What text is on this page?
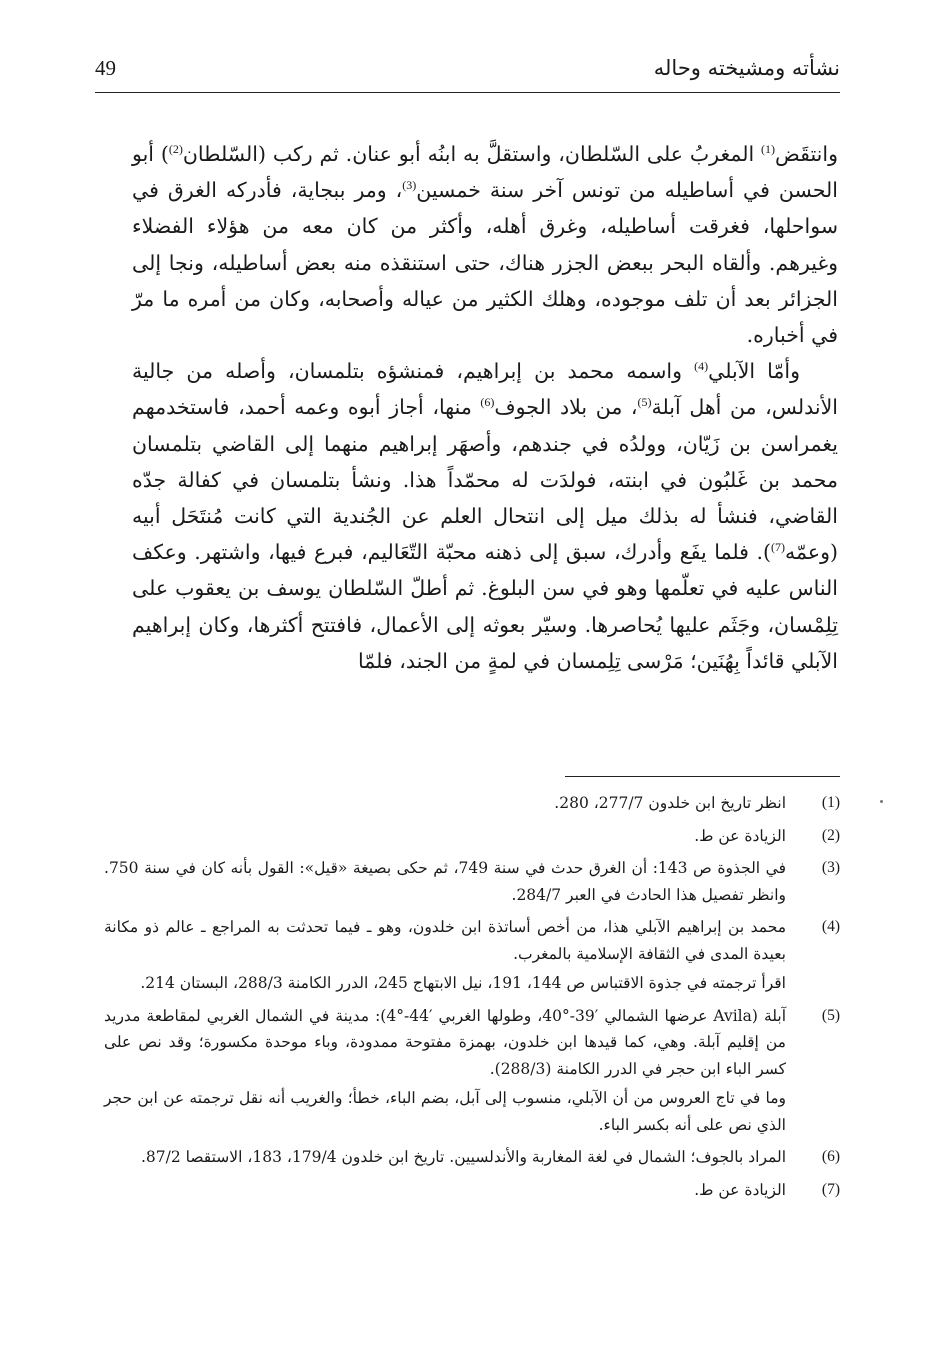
نشأته ومشيخته وحاله
49

وانتقَض$^{(1)}$ المغربُ على السّلطان، واستقلَّ به ابنُه أبو عنان. ثم ركب (السّلطان$^{(2)}$) أبو الحسن في أساطيله من تونس آخر سنة خمسين$^{(3)}$، ومر ببجاية، فأدركه الغرق في سواحلها، فغرقت أساطيله، وغرق أهله، وأكثر من كان معه من هؤلاء الفضلاء وغيرهم. وألقاه البحر ببعض الجزر هناك، حتى استنقذه منه بعض أساطيله، ونجا إلى الجزائر بعد أن تلف موجوده، وهلك الكثير من عياله وأصحابه، وكان من أمره ما مرّ في أخباره.

وأمّا الآبلي$^{(4)}$ واسمه محمد بن إبراهيم، فمنشؤه بتلمسان، وأصله من جالية الأندلس، من أهل آبلة$^{(5)}$، من بلاد الجوف$^{(6)}$ منها، أجاز أبوه وعمه أحمد، فاستخدمهم يغمراسن بن زَيّان، وولدُه في جندهم، وأصهَر إبراهيم منهما إلى القاضي بتلمسان محمد بن غَلبُون في ابنته، فولدَت له محمّداً هذا. ونشأ بتلمسان في كفالة جدّه القاضي، فنشأ له بذلك ميل إلى انتحال العلم عن الجُندية التي كانت مُنتَحَل أبيه (وعمّه$^{(7)}$). فلما يفَع وأدرك، سبق إلى ذهنه محبّة التّعَاليم، فبرع فيها، واشتهر. وعكف الناس عليه في تعلّمها وهو في سن البلوغ. ثم أطلّ السّلطان يوسف بن يعقوب على تِلِمْسان، وجَثَم عليها يُحاصرها. وسيّر بعوثه إلى الأعمال، فافتتح أكثرها، وكان إبراهيم الآبلي قائداً بِهُنَين؛ مَرْسى تِلِمسان في لمةٍ من الجند، فلمّا

(1)

انظر تاريخ ابن خلدون 277/7، 280.

(2)

الزيادة عن ط.

(3)

في الجذوة ص 143: أن الغرق حدث في سنة 749، ثم حكى بصيغة «قيل»: القول بأنه كان في سنة 750. وانظر تفصيل هذا الحادث في العبر 284/7.

(4)

محمد بن إبراهيم الآبلي هذا، من أخص أساتذة ابن خلدون، وهو ـ فيما تحدثت به المراجع ـ عالم ذو مكانة بعيدة المدى في الثقافة الإسلامية بالمغرب.

اقرأ ترجمته في جذوة الاقتباس ص 144، 191، نيل الابتهاج 245، الدرر الكامنة 288/3، البستان 214.

(5)

آبلة (Avila عرضها الشمالي ′39-°40، وطولها الغربي ′44-°4): مدينة في الشمال الغربي لمقاطعة مدريد من إقليم آبلة. وهي، كما قيدها ابن خلدون، بهمزة مفتوحة ممدودة، وباء موحدة مكسورة؛ وقد نص على كسر الباء ابن حجر في الدرر الكامنة (288/3).

وما في تاج العروس من أن الآبلي، منسوب إلى آبل، بضم الباء، خطأ؛ والغريب أنه نقل ترجمته عن ابن حجر الذي نص على أنه بكسر الباء.

(6)

المراد بالجوف؛ الشمال في لغة المغاربة والأندلسيين. تاريخ ابن خلدون 179/4، 183، الاستقصا 87/2.

(7)

الزيادة عن ط.
